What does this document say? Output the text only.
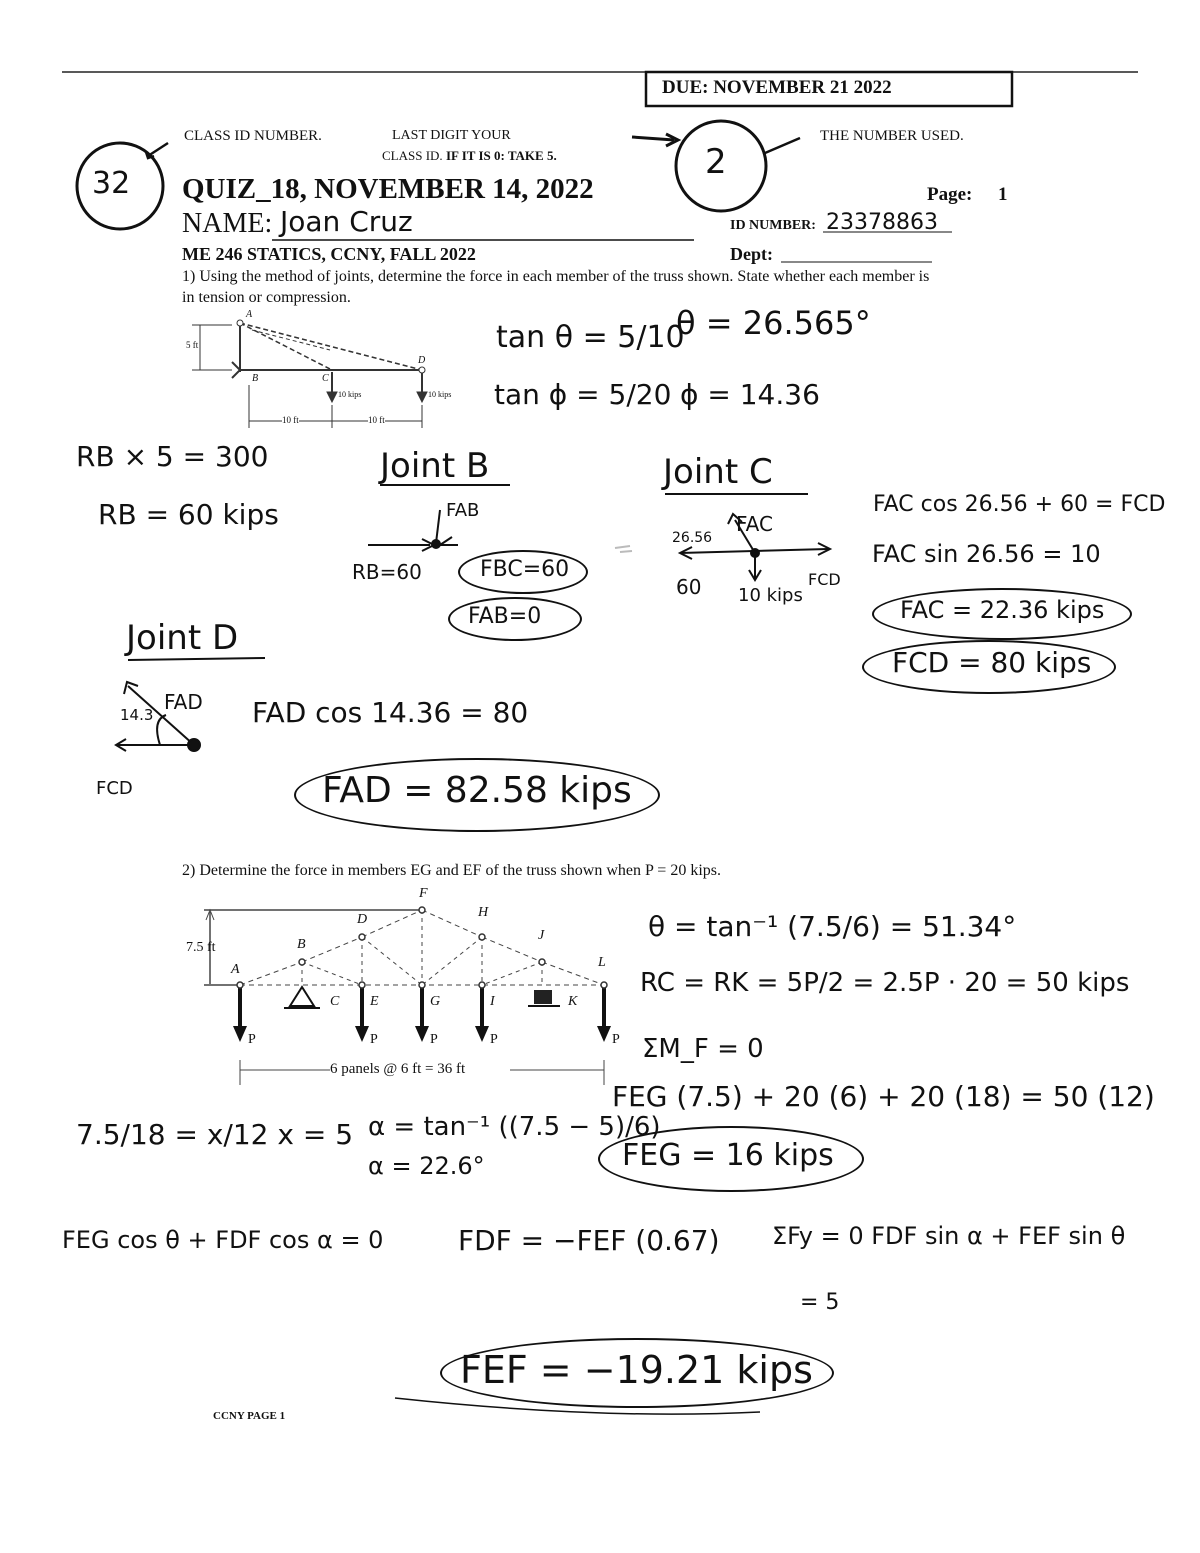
DUE: NOVEMBER 21 2022
CLASS ID NUMBER.	LAST DIGIT YOUR
CLASS ID. IF IT IS 0: TAKE 5.
THE NUMBER USED.
32
2
QUIZ_18, NOVEMBER 14, 2022	Page: 1
NAME: Joan Cruz	ID NUMBER: 23378863
ME 246 STATICS, CCNY, FALL 2022	Dept:
1) Using the method of joints, determine the force in each member of the truss shown. State whether each member is
in tension or compression.
A
B	C
D
5 ft
10 kips	10 kips
10 ft	10 ft
tan θ = 5/10
θ = 26.565°
tan ϕ = 5/20 ϕ = 14.36
RB × 5 = 300
RB = 60 kips
Joint B
FAB
RB=60	FBC=60
FAB=0
Joint C
FAC
26.56
60 10 kips
FCD
FAC cos 26.56 + 60 = FCD
FAC sin 26.56 = 10
FAC = 22.36 kips
FCD = 80 kips
Joint D
FAD
14.3
FCD
FAD cos 14.36 = 80
FAD = 82.58 kips
2) Determine the force in members EG and EF of the truss shown when P = 20 kips.
7.5 ft	B
D
F
H
J
L
A
C E	G	I	K
P	P	P	P	P
6 panels @ 6 ft = 36 ft
θ = tan⁻¹ (7.5/6) = 51.34°
RC = RK = 5P/2 = 2.5P · 20 = 50 kips
ΣM_F = 0
FEG (7.5) + 20 (6) + 20 (18) = 50 (12)
FEG = 16 kips
7.5/18 = x/12 x = 5 α = tan⁻¹ ((7.5 − 5)/6)
α = 22.6°
FEG cos θ + FDF cos α = 0	FDF = −FEF (0.67) ΣFy = 0 FDF sin α + FEF sin θ
= 5
FEF = −19.21 kips
CCNY PAGE 1
